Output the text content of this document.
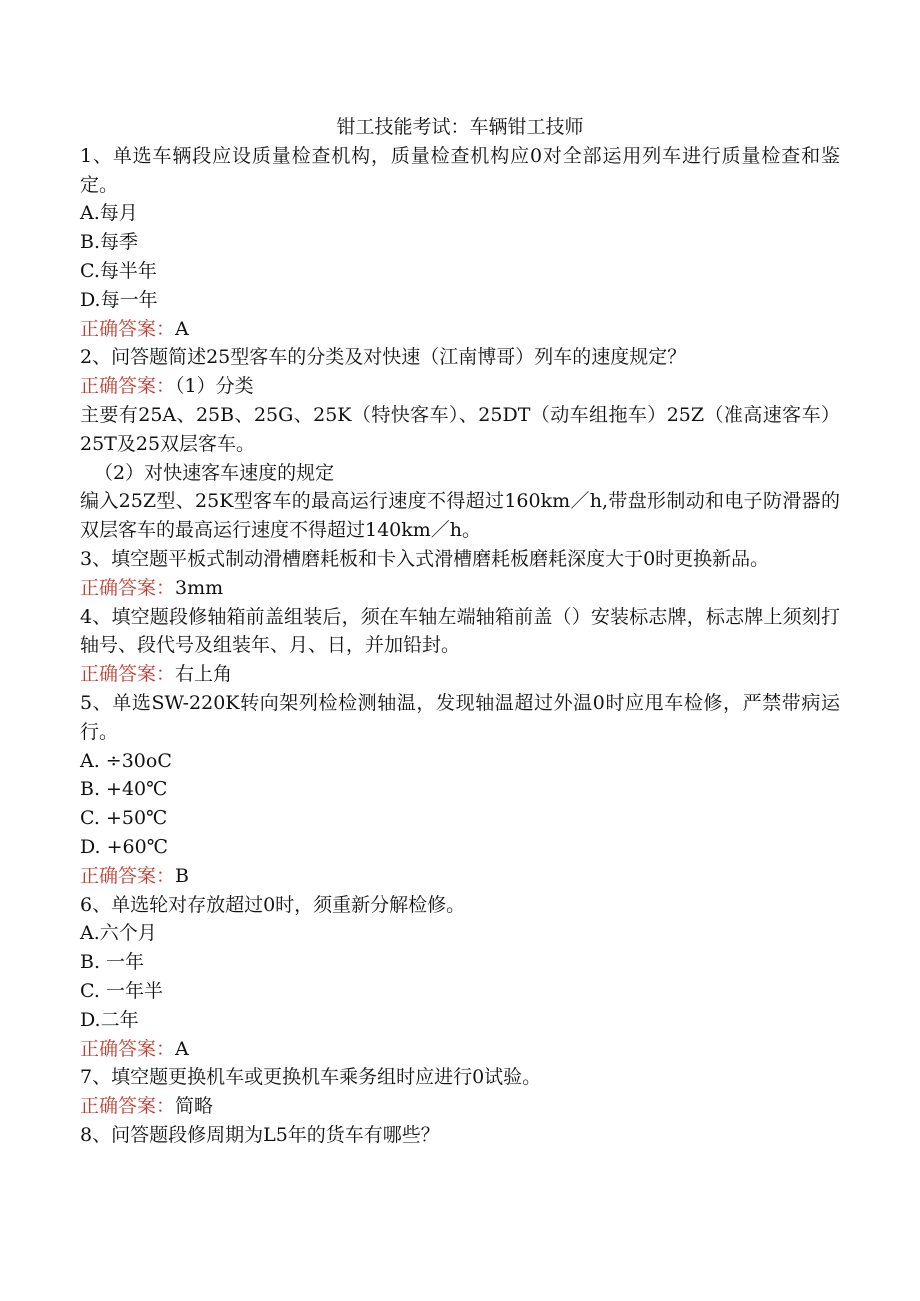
钳工技能考试：车辆钳工技师

1、单选车辆段应设质量检查机构，质量检查机构应0对全部运用列车进行质量检查和鉴定。

A.每月

B.每季

C.每半年

D.每一年

正确答案：A

2、问答题简述25型客车的分类及对快速（江南博哥）列车的速度规定？

正确答案：（1）分类

主要有25A、25B、25G、25K（特快客车）、25DT（动车组拖车）25Z（准高速客车）25T及25双层客车。

（2）对快速客车速度的规定

编入25Z型、25K型客车的最高运行速度不得超过160km／h,带盘形制动和电子防滑器的双层客车的最高运行速度不得超过140km／h。

3、填空题平板式制动滑槽磨耗板和卡入式滑槽磨耗板磨耗深度大于0时更换新品。

正确答案：3mm

4、填空题段修轴箱前盖组装后，须在车轴左端轴箱前盖（）安装标志牌，标志牌上须刻打轴号、段代号及组装年、月、日，并加铅封。

正确答案：右上角

5、单选SW-220K转向架列检检测轴温，发现轴温超过外温0时应甩车检修，严禁带病运行。

A. ÷30oC

B. +40℃

C. +50℃

D. +60℃

正确答案：B

6、单选轮对存放超过0时，须重新分解检修。

A.六个月

B. 一年

C. 一年半

D.二年

正确答案：A

7、填空题更换机车或更换机车乘务组时应进行0试验。

正确答案：简略

8、问答题段修周期为L5年的货车有哪些？
